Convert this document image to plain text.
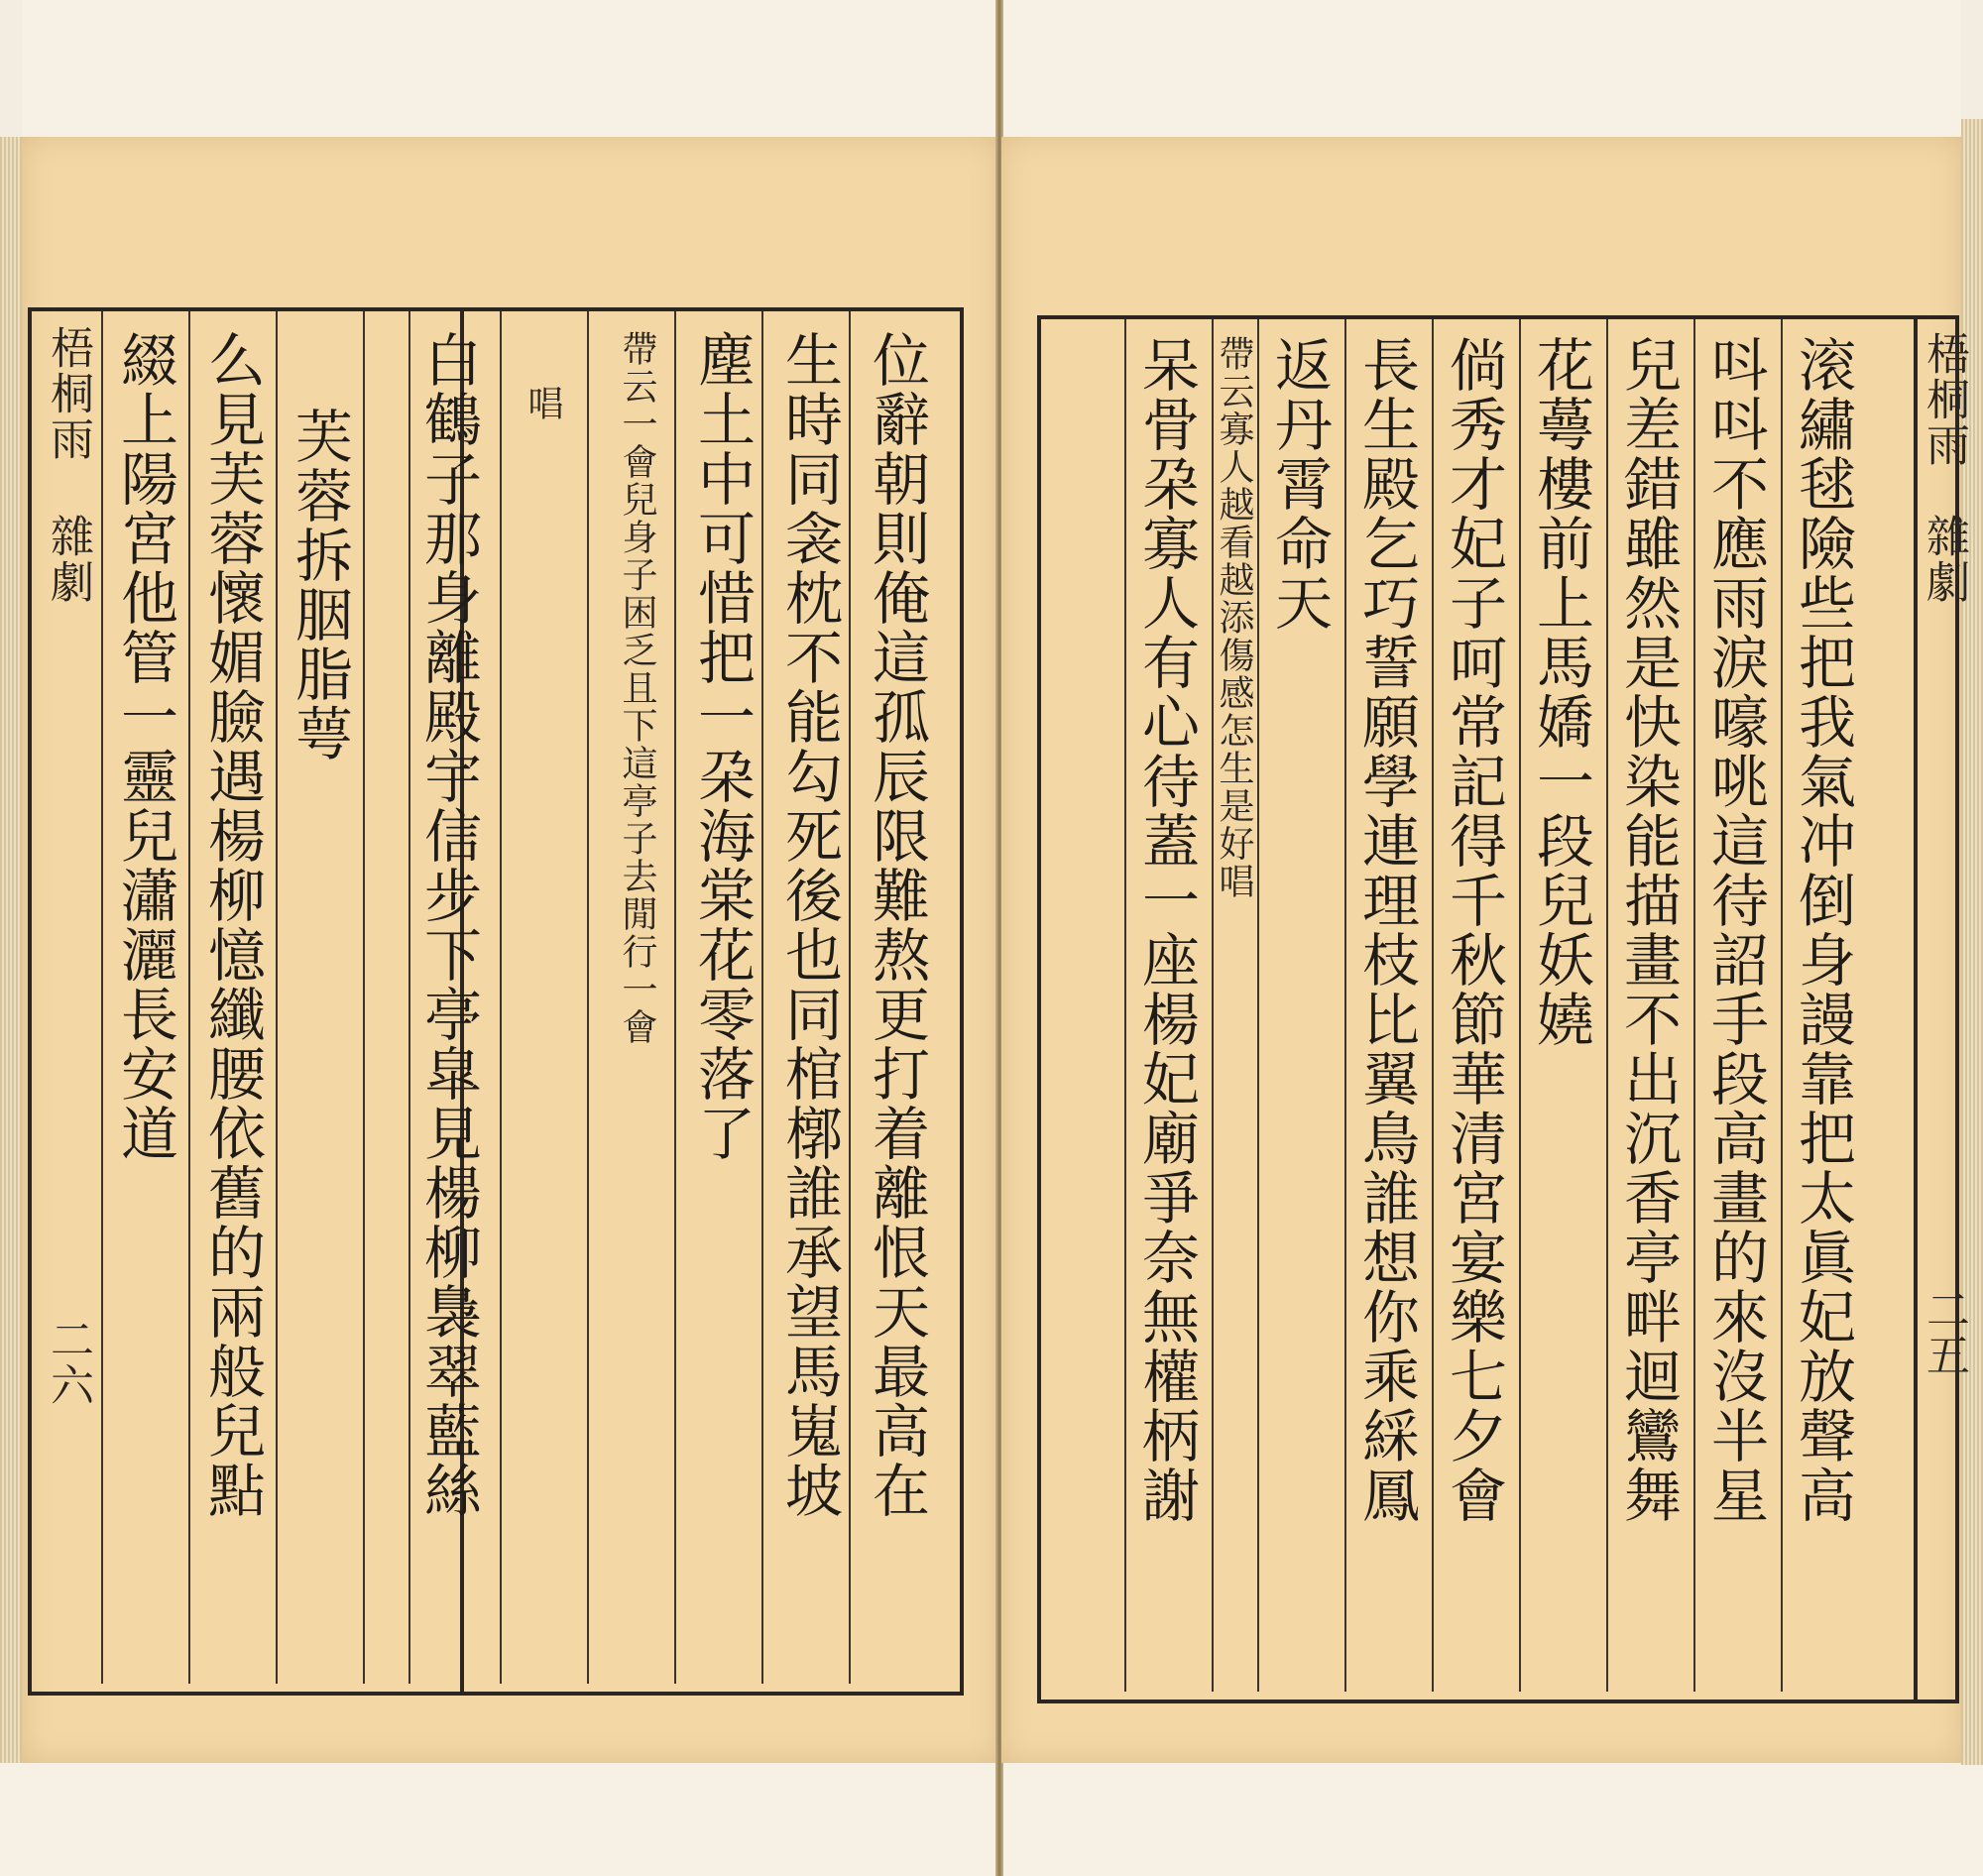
位辭朝則俺這孤辰限難熬更打着離恨天最高在
生時同衾枕不能勾死後也同棺槨誰承望馬嵬坡
塵土中可惜把一朶海棠花零落了
帶云一會兒身子困乏且下這亭子去閒行一會
唱
白鶴子那身離殿宇信步下亭皐見楊柳裊翠藍絲
芙蓉拆胭脂萼
么見芙蓉懷媚臉遇楊柳憶纖腰依舊的兩般兒點
綴上陽宮他管一靈兒瀟灑長安道
梧桐雨
雜劇
二六	滚繡毬險些把我氣冲倒身謾靠把太眞妃放聲高
呌呌不應雨淚嚎咷這待詔手段高畫的來沒半星
兒差錯雖然是快染能描畫不出沉香亭畔迴鸞舞
花蕚樓前上馬嬌一段兒妖嬈
倘秀才妃子呵常記得千秋節華清宮宴樂七夕會
長生殿乞巧誓願學連理枝比翼鳥誰想你乘綵鳳
返丹霄命天
帶云寡人越看越添傷感怎生是好唱
呆骨朶寡人有心待蓋一座楊妃廟爭奈無權柄謝	梧桐雨
雜劇
二五
